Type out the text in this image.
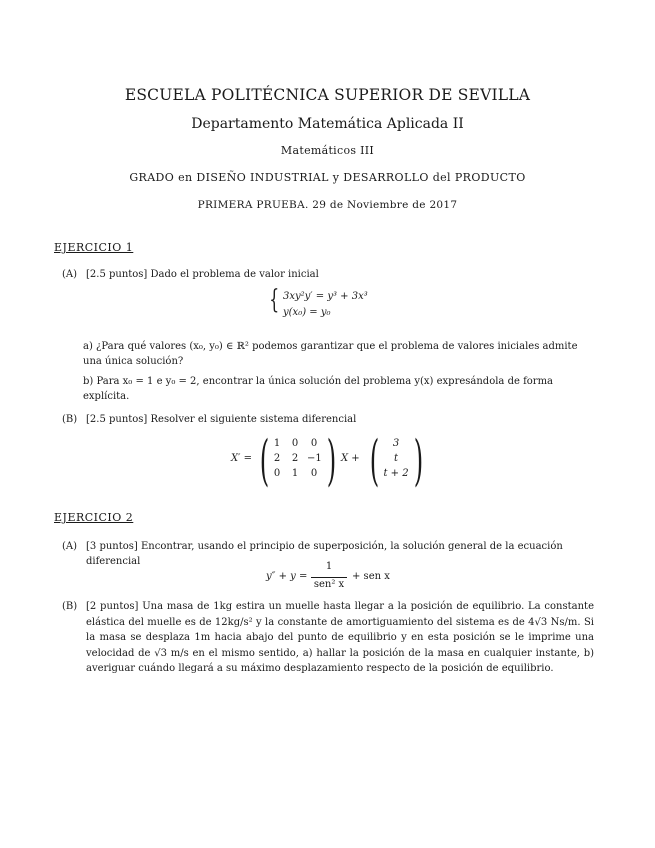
ESCUELA POLITÉCNICA SUPERIOR DE SEVILLA
Departamento Matemática Aplicada II
Matemáticos III
GRADO en DISEÑO INDUSTRIAL y DESARROLLO del PRODUCTO
PRIMERA PRUEBA. 29 de Noviembre de 2017
EJERCICIO 1
(A) [2.5 puntos] Dado el problema de valor inicial
{ 3xy²y′ = y³ + 3x³
y(x₀) = y₀
a) ¿Para qué valores (x₀, y₀) ∈ ℝ² podemos garantizar que el problema de valores iniciales admite
una única solución?
b) Para x₀ = 1 e y₀ = 2, encontrar la única solución del problema y(x) expresándola de forma
explícita.
(B) [2.5 puntos] Resolver el siguiente sistema diferencial
X′ = ( 1	0	0
2	2 −1
0	1	0 ) X + (	3
t
t + 2 )
EJERCICIO 2
(A) [3 puntos] Encontrar, usando el principio de superposición, la solución general de la ecuación
diferencial
y″ + y =
1
sen² x
+ sen x
(B) [2 puntos] Una masa de 1kg estira un muelle hasta llegar a la posición de equilibrio. La constante elástica del muelle es de 12kg/s² y la constante de amortiguamiento del sistema es de 4√3 Ns/m. Si la masa se desplaza 1m hacia abajo del punto de equilibrio y en esta posición se le imprime una velocidad de √3 m/s en el mismo sentido, a) hallar la posición de la masa en cualquier instante, b) averiguar cuándo llegará a su máximo desplazamiento respecto de la posición de equilibrio.
